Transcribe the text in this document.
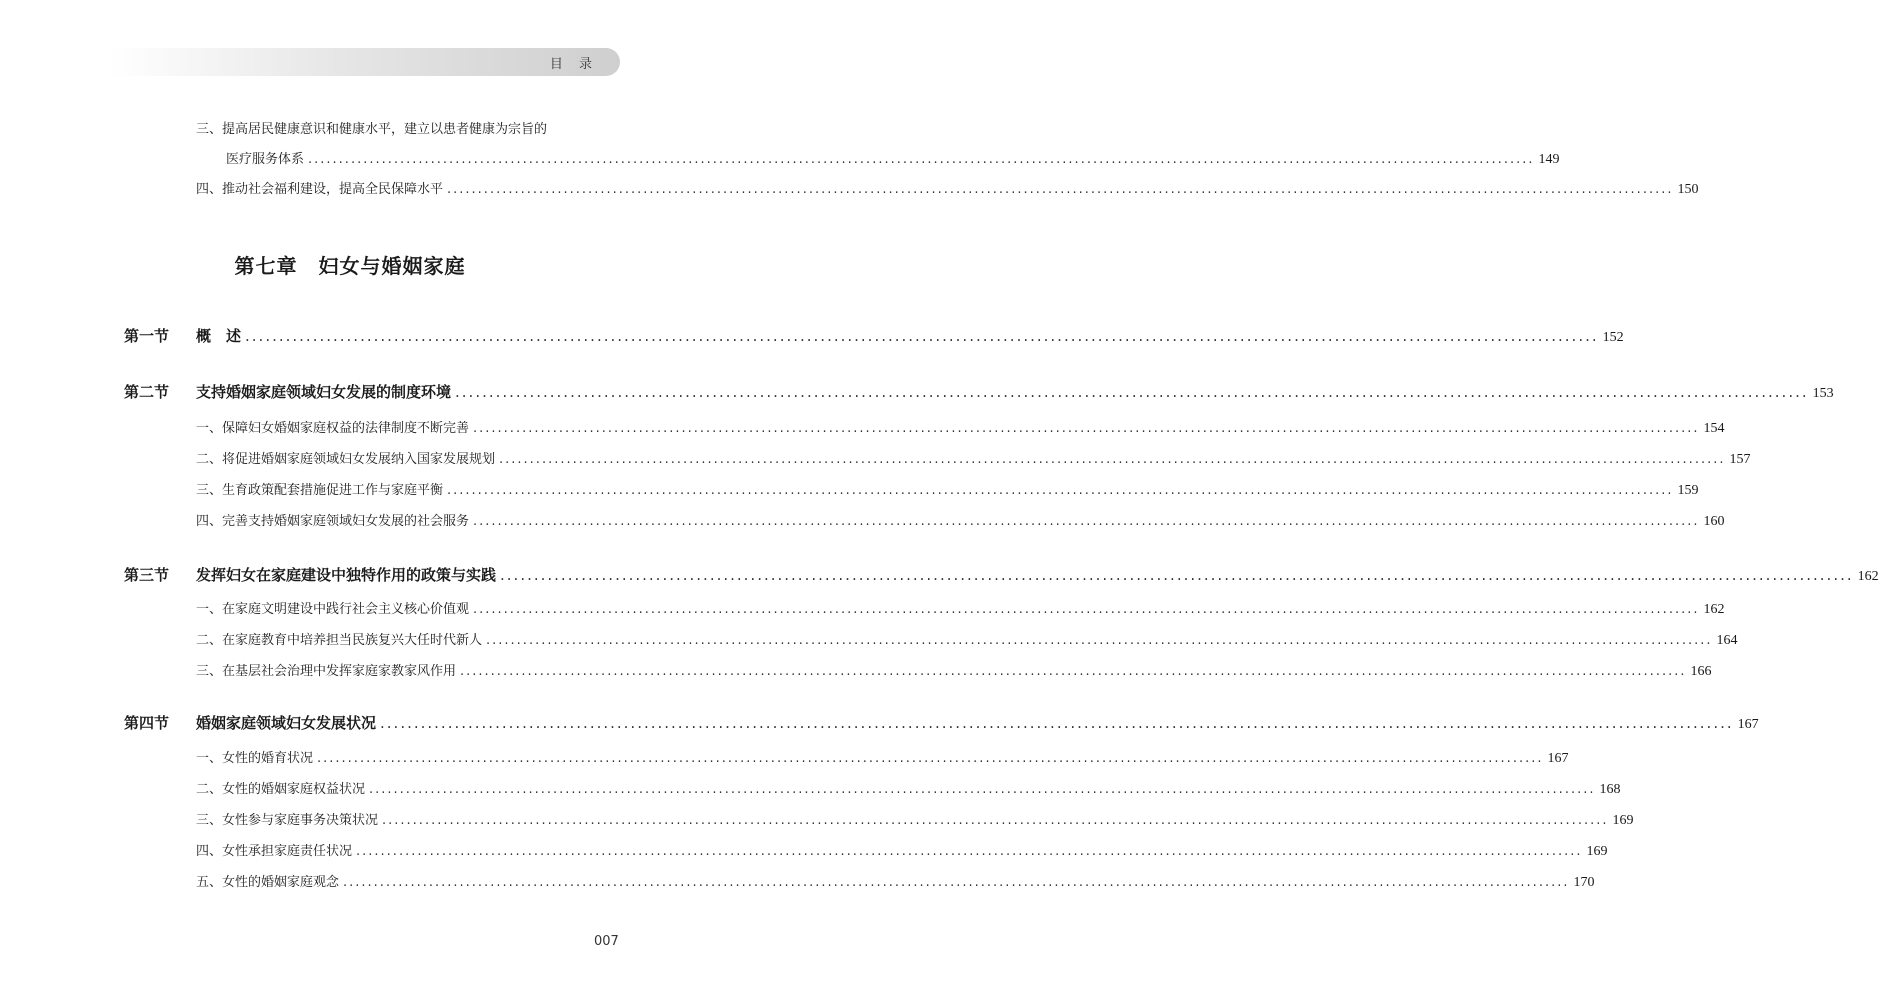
目 录
三、提高居民健康意识和健康水平，建立以患者健康为宗旨的
医疗服务体系 ........................................................................................................................................................................................................ 149
四、推动社会福利建设，提高全民保障水平 ........................................................................................................................................................................................................ 150
第七章　妇女与婚姻家庭
第一节	概　述 ........................................................................................................................................................................................................ 152
第二节	支持婚姻家庭领域妇女发展的制度环境 ........................................................................................................................................................................................................ 153
一、保障妇女婚姻家庭权益的法律制度不断完善 ........................................................................................................................................................................................................ 154
二、将促进婚姻家庭领域妇女发展纳入国家发展规划 ........................................................................................................................................................................................................ 157
三、生育政策配套措施促进工作与家庭平衡 ........................................................................................................................................................................................................ 159
四、完善支持婚姻家庭领域妇女发展的社会服务 ........................................................................................................................................................................................................ 160
第三节	发挥妇女在家庭建设中独特作用的政策与实践 ........................................................................................................................................................................................................ 162
一、在家庭文明建设中践行社会主义核心价值观 ........................................................................................................................................................................................................ 162
二、在家庭教育中培养担当民族复兴大任时代新人 ........................................................................................................................................................................................................ 164
三、在基层社会治理中发挥家庭家教家风作用 ........................................................................................................................................................................................................ 166
第四节	婚姻家庭领域妇女发展状况 ........................................................................................................................................................................................................ 167
一、女性的婚育状况 ........................................................................................................................................................................................................ 167
二、女性的婚姻家庭权益状况 ........................................................................................................................................................................................................ 168
三、女性参与家庭事务决策状况 ........................................................................................................................................................................................................ 169
四、女性承担家庭责任状况 ........................................................................................................................................................................................................ 169
五、女性的婚姻家庭观念 ........................................................................................................................................................................................................ 170
007
